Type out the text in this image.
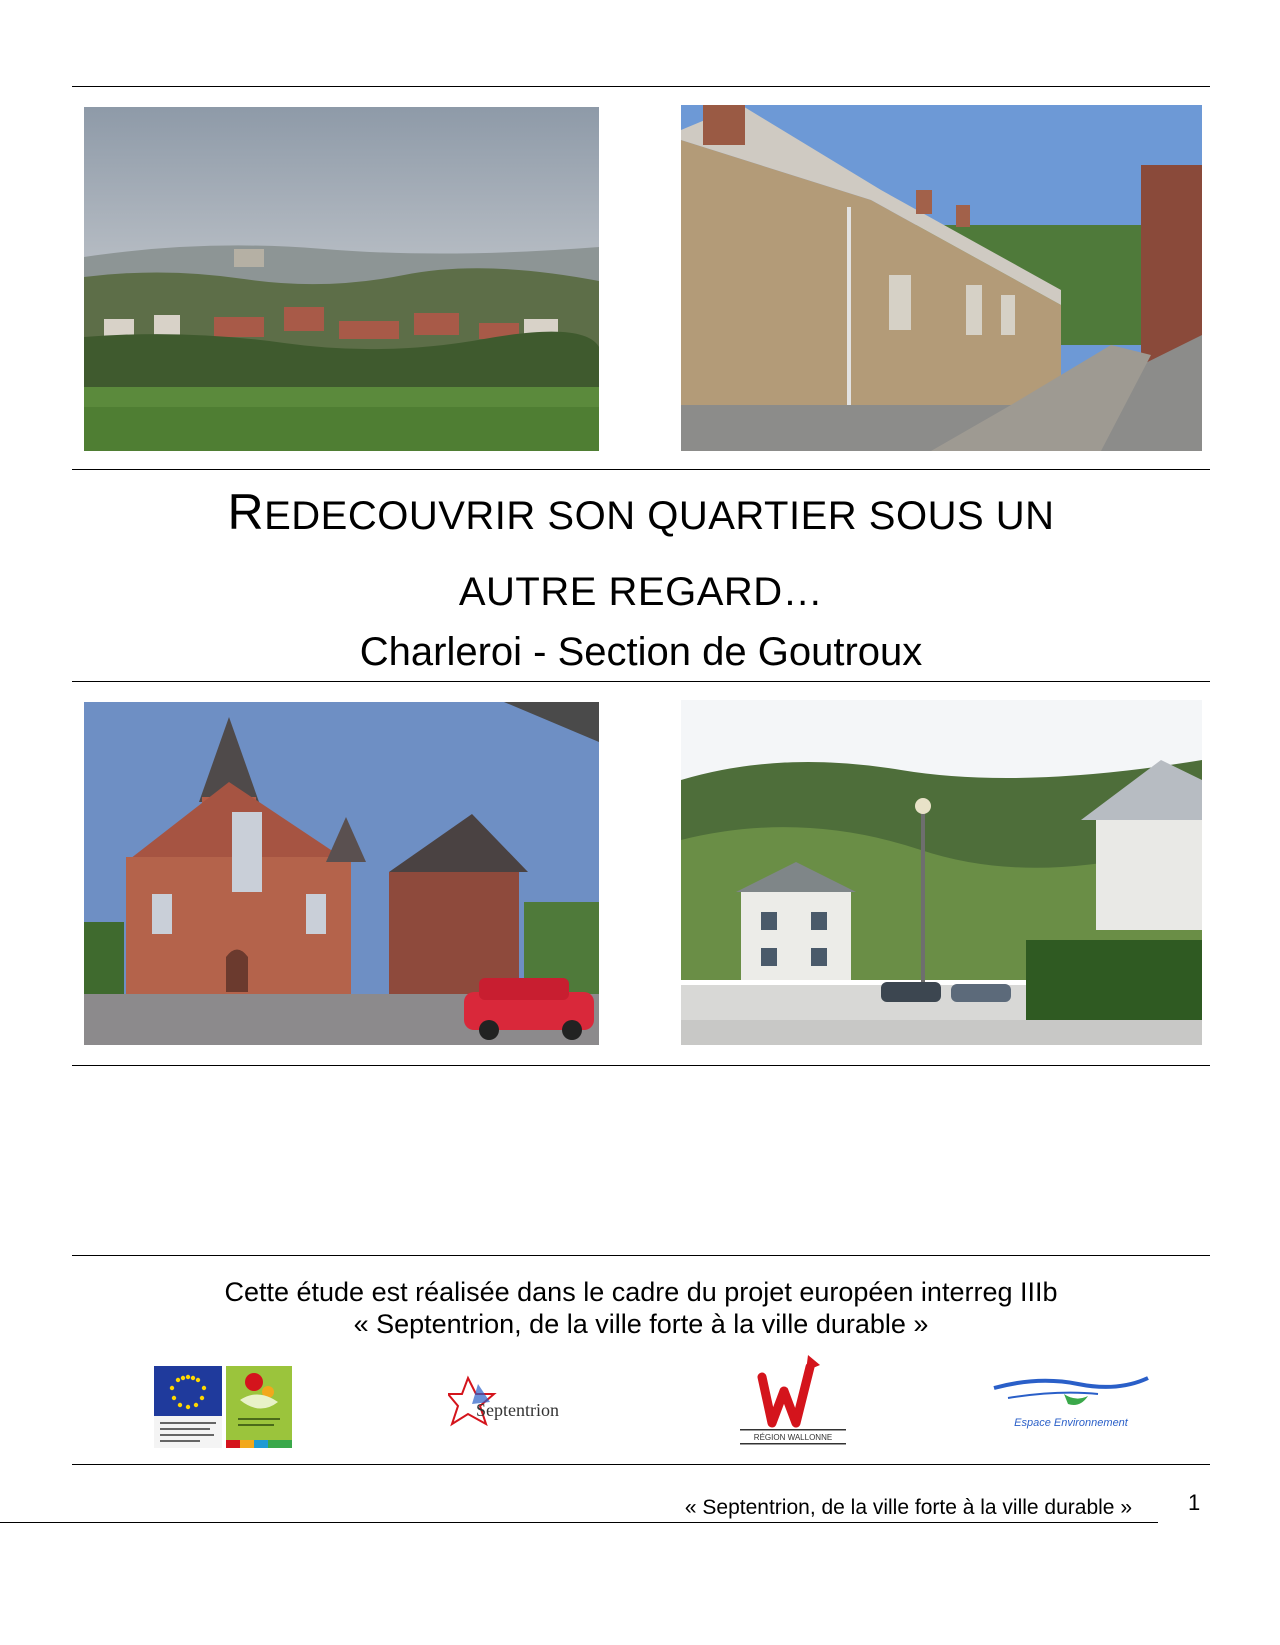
REDECOUVRIR SON QUARTIER SOUS UN
AUTRE REGARD…
Charleroi - Section de Goutroux
Cette étude est réalisée dans le cadre du projet européen interreg IIIb
« Septentrion, de la ville forte à la ville durable »
Septentrion
RÉGION WALLONNE
Espace Environnement
« Septentrion, de la ville forte à la ville durable »	1
